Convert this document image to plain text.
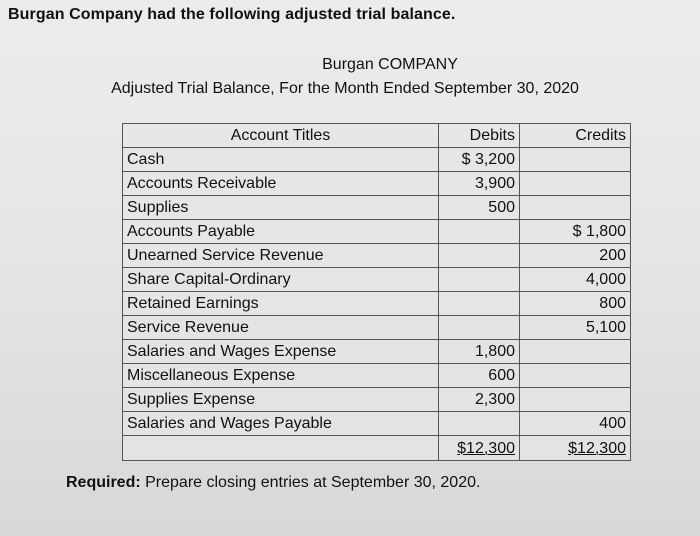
Burgan Company had the following adjusted trial balance.
Burgan COMPANY
Adjusted Trial Balance, For the Month Ended September 30, 2020
Account Titles	Debits	Credits
Cash	$ 3,200	
Accounts Receivable	3,900	
Supplies	500	
Accounts Payable		$ 1,800
Unearned Service Revenue		200
Share Capital-Ordinary		4,000
Retained Earnings		800
Service Revenue		5,100
Salaries and Wages Expense	1,800	
Miscellaneous Expense	600	
Supplies Expense	2,300	
Salaries and Wages Payable		400
	$12,300	$12,300
Required: Prepare closing entries at September 30, 2020.
